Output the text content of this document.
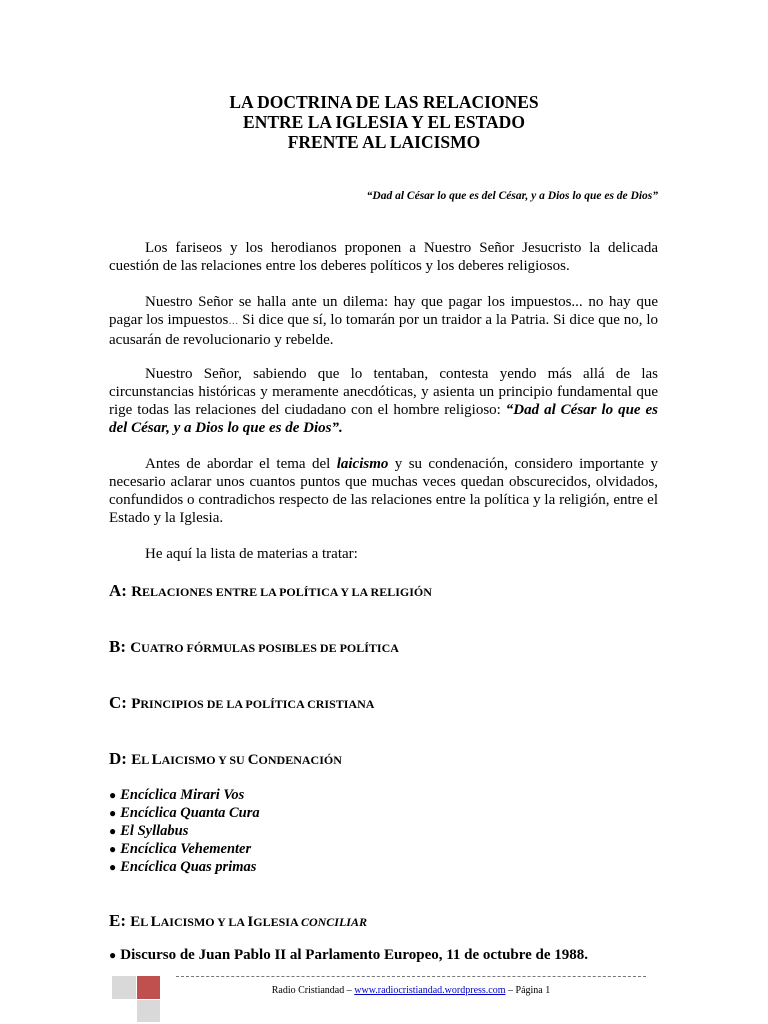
LA DOCTRINA DE LAS RELACIONES
ENTRE LA IGLESIA Y EL ESTADO
FRENTE AL LAICISMO
“Dad al César lo que es del César, y a Dios lo que es de Dios”

Los fariseos y los herodianos proponen a Nuestro Señor Jesucristo la delicada cuestión de las relaciones entre los deberes políticos y los deberes religiosos.

Nuestro Señor se halla ante un dilema: hay que pagar los impuestos... no hay que pagar los impuestos… Si dice que sí, lo tomarán por un traidor a la Patria. Si dice que no, lo acusarán de revolucionario y rebelde.

Nuestro Señor, sabiendo que lo tentaban, contesta yendo más allá de las circunstancias históricas y meramente anecdóticas, y asienta un principio fundamental que rige todas las relaciones del ciudadano con el hombre religioso: “Dad al César lo que es del César, y a Dios lo que es de Dios”.

Antes de abordar el tema del laicismo y su condenación, considero importante y necesario aclarar unos cuantos puntos que muchas veces quedan obscurecidos, olvidados, confundidos o contradichos respecto de las relaciones entre la política y la religión, entre el Estado y la Iglesia.

He aquí la lista de materias a tratar:

A: RELACIONES ENTRE LA POLÍTICA Y LA RELIGIÓN
B: CUATRO FÓRMULAS POSIBLES DE POLÍTICA
C: PRINCIPIOS DE LA POLÍTICA CRISTIANA
D: EL LAICISMO Y SU CONDENACIÓN
● Encíclica Mirari Vos
● Encíclica Quanta Cura
● El Syllabus
● Encíclica Vehementer
● Encíclica Quas primas
E: EL LAICISMO Y LA IGLESIA CONCILIAR
● Discurso de Juan Pablo II al Parlamento Europeo, 11 de octubre de 1988.
Radio Cristiandad – www.radiocristiandad.wordpress.com – Página 1
